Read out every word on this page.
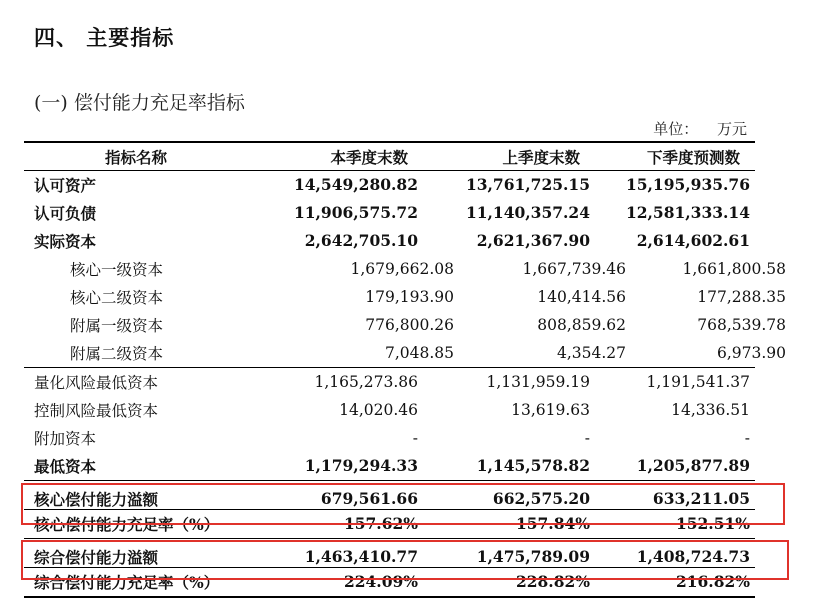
四、 主要指标
(一) 偿付能力充足率指标
单位： 万元
指标名称	本季度末数	上季度末数	下季度预测数
认可资产	14,549,280.82	13,761,725.15	15,195,935.76
认可负债	11,906,575.72	11,140,357.24	12,581,333.14
实际资本	2,642,705.10	2,621,367.90	2,614,602.61
核心一级资本	1,679,662.08	1,667,739.46	1,661,800.58
核心二级资本	179,193.90	140,414.56	177,288.35
附属一级资本	776,800.26	808,859.62	768,539.78
附属二级资本	7,048.85	4,354.27	6,973.90
量化风险最低资本	1,165,273.86	1,131,959.19	1,191,541.37
控制风险最低资本	14,020.46	13,619.63	14,336.51
附加资本	-	-	-
最低资本	1,179,294.33	1,145,578.82	1,205,877.89
核心偿付能力溢额	679,561.66	662,575.20	633,211.05
核心偿付能力充足率（%）	157.62%	157.84%	152.51%
综合偿付能力溢额	1,463,410.77	1,475,789.09	1,408,724.73
综合偿付能力充足率（%）	224.09%	228.82%	216.82%
